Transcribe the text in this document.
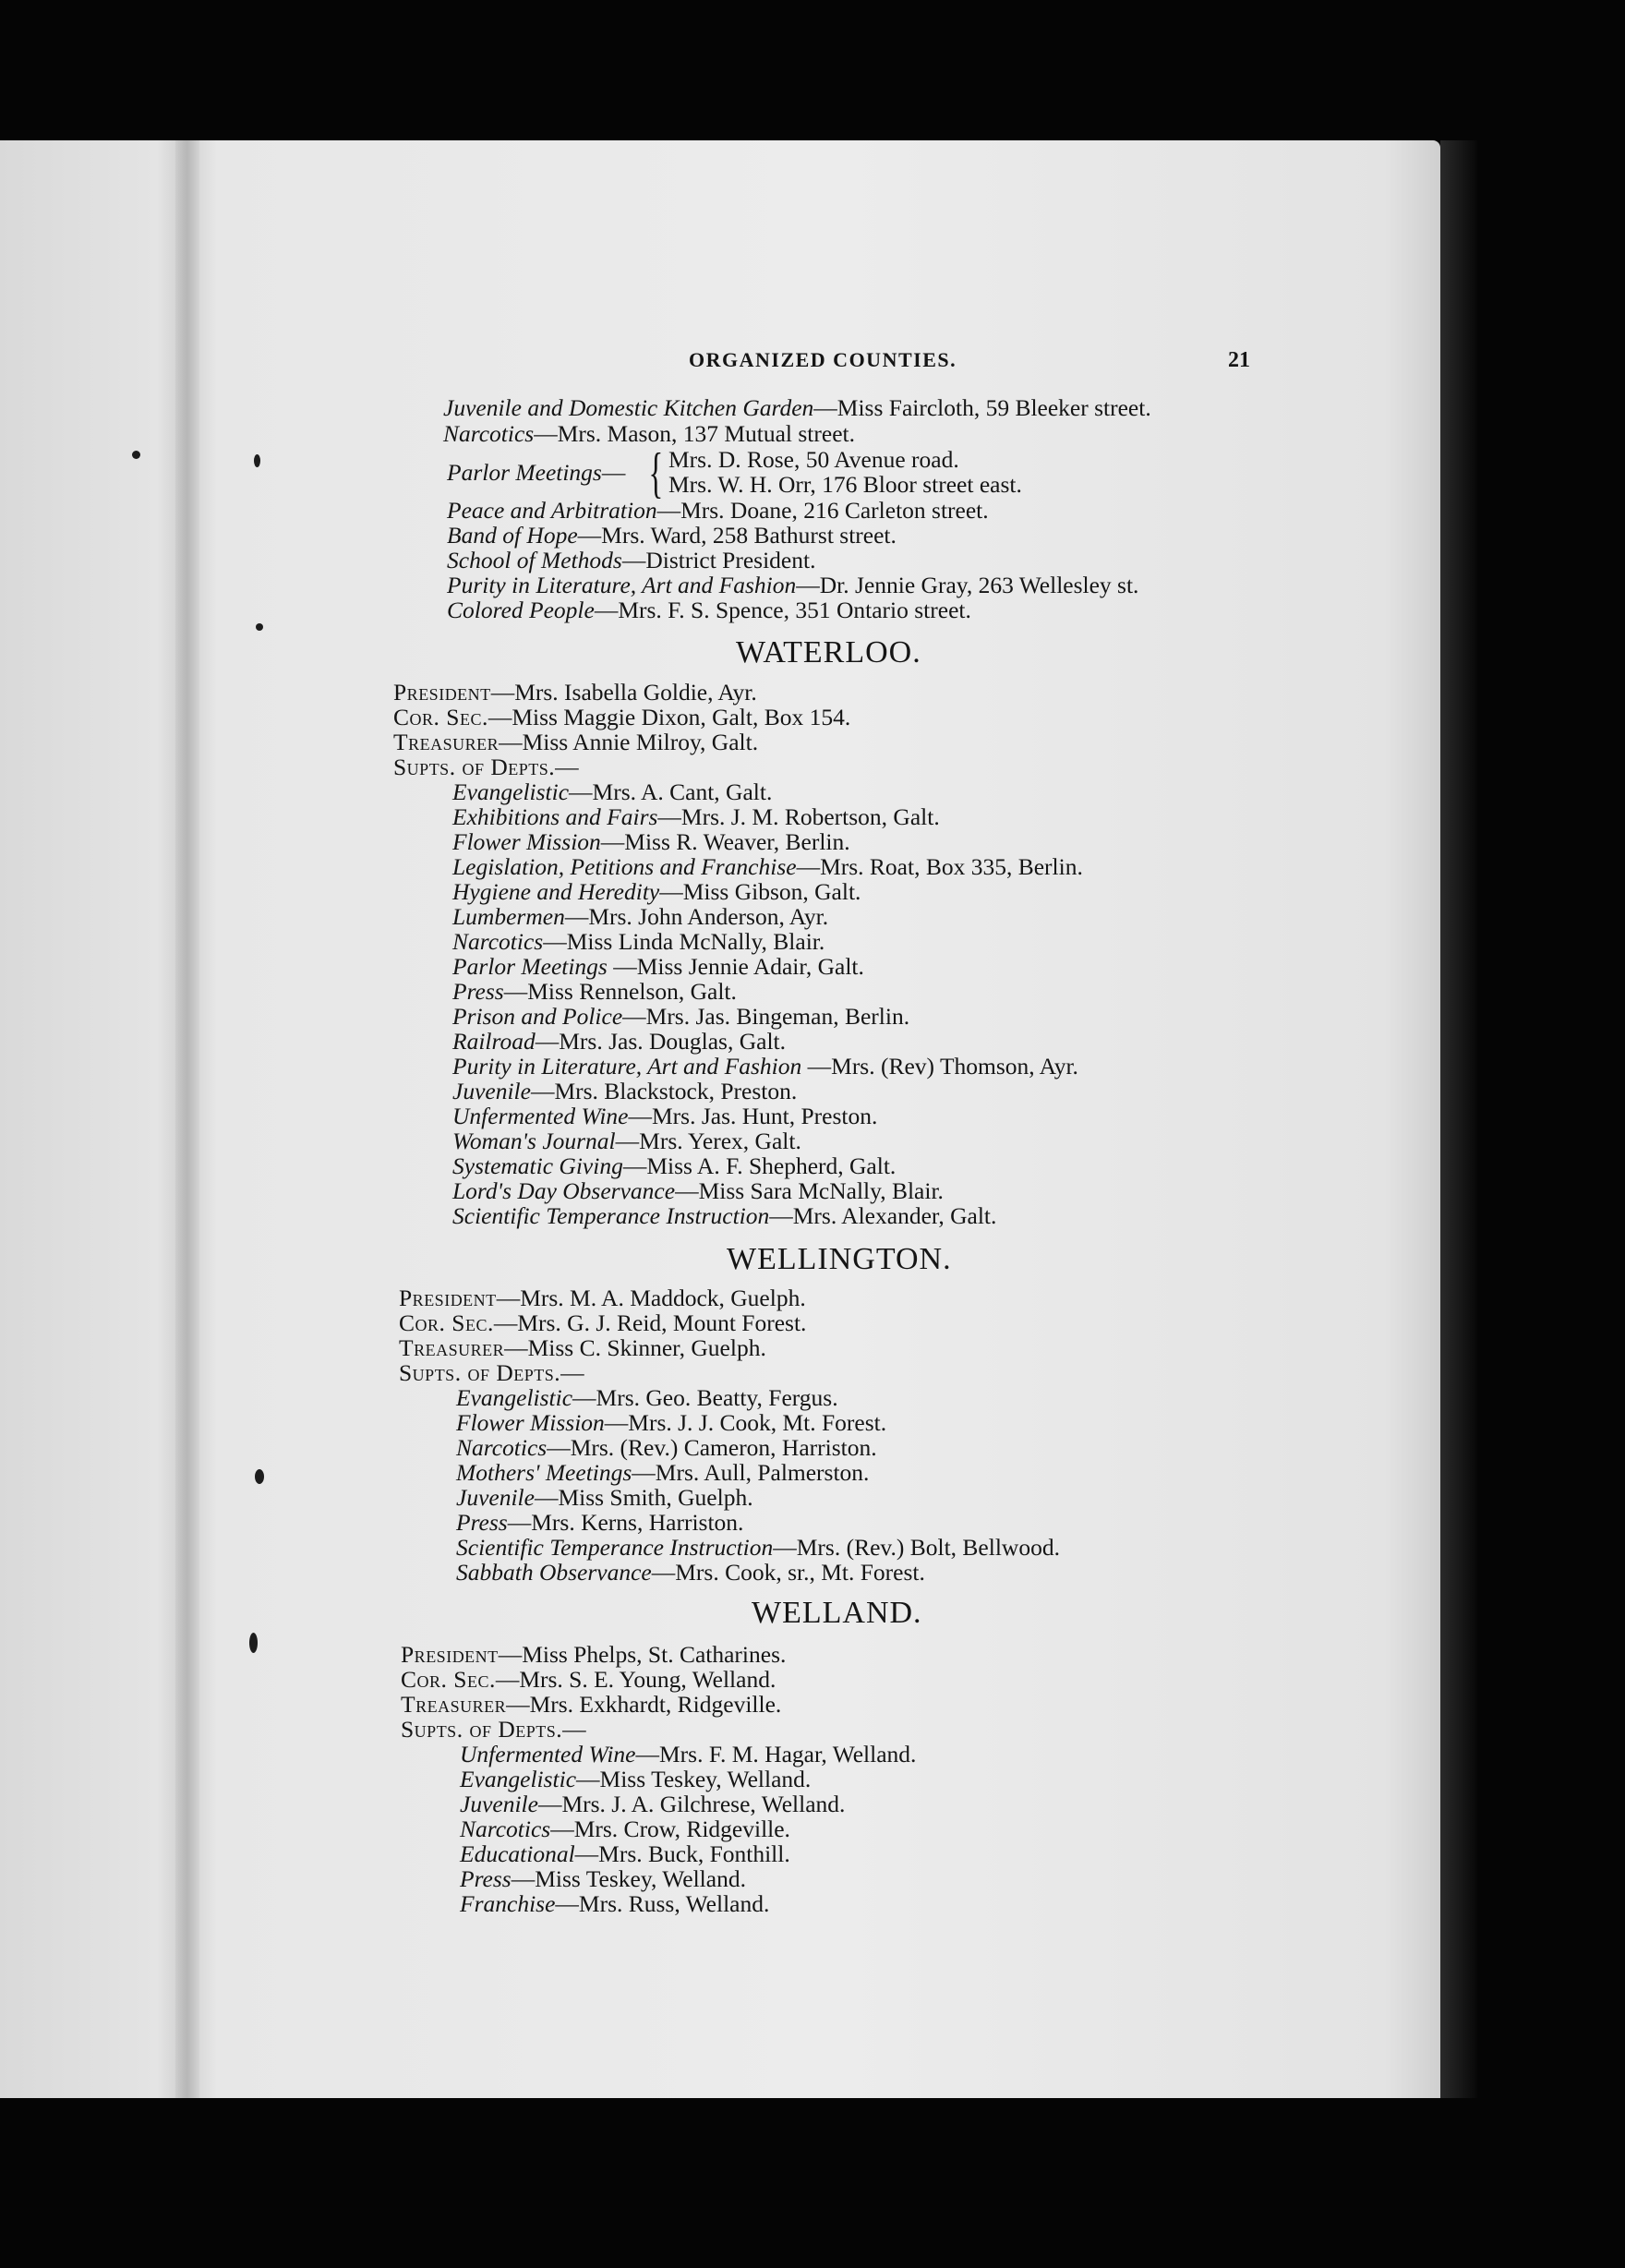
ORGANIZED COUNTIES.	21
Juvenile and Domestic Kitchen Garden—Miss Faircloth, 59 Bleeker street.
Narcotics—Mrs. Mason, 137 Mutual street.
Parlor Meetings— { Mrs. D. Rose, 50 Avenue road.
Mrs. W. H. Orr, 176 Bloor street east.
Peace and Arbitration—Mrs. Doane, 216 Carleton street.
Band of Hope—Mrs. Ward, 258 Bathurst street.
School of Methods—District President.
Purity in Literature, Art and Fashion—Dr. Jennie Gray, 263 Wellesley st.
Colored People—Mrs. F. S. Spence, 351 Ontario street.
WATERLOO.
President—Mrs. Isabella Goldie, Ayr.
Cor. Sec.—Miss Maggie Dixon, Galt, Box 154.
Treasurer—Miss Annie Milroy, Galt.
Supts. of Depts.—
Evangelistic—Mrs. A. Cant, Galt.
Exhibitions and Fairs—Mrs. J. M. Robertson, Galt.
Flower Mission—Miss R. Weaver, Berlin.
Legislation, Petitions and Franchise—Mrs. Roat, Box 335, Berlin.
Hygiene and Heredity—Miss Gibson, Galt.
Lumbermen—Mrs. John Anderson, Ayr.
Narcotics—Miss Linda McNally, Blair.
Parlor Meetings —Miss Jennie Adair, Galt.
Press—Miss Rennelson, Galt.
Prison and Police—Mrs. Jas. Bingeman, Berlin.
Railroad—Mrs. Jas. Douglas, Galt.
Purity in Literature, Art and Fashion —Mrs. (Rev) Thomson, Ayr.
Juvenile—Mrs. Blackstock, Preston.
Unfermented Wine—Mrs. Jas. Hunt, Preston.
Woman's Journal—Mrs. Yerex, Galt.
Systematic Giving—Miss A. F. Shepherd, Galt.
Lord's Day Observance—Miss Sara McNally, Blair.
Scientific Temperance Instruction—Mrs. Alexander, Galt.
WELLINGTON.
President—Mrs. M. A. Maddock, Guelph.
Cor. Sec.—Mrs. G. J. Reid, Mount Forest.
Treasurer—Miss C. Skinner, Guelph.
Supts. of Depts.—
Evangelistic—Mrs. Geo. Beatty, Fergus.
Flower Mission—Mrs. J. J. Cook, Mt. Forest.
Narcotics—Mrs. (Rev.) Cameron, Harriston.
Mothers' Meetings—Mrs. Aull, Palmerston.
Juvenile—Miss Smith, Guelph.
Press—Mrs. Kerns, Harriston.
Scientific Temperance Instruction—Mrs. (Rev.) Bolt, Bellwood.
Sabbath Observance—Mrs. Cook, sr., Mt. Forest.
WELLAND.
President—Miss Phelps, St. Catharines.
Cor. Sec.—Mrs. S. E. Young, Welland.
Treasurer—Mrs. Exkhardt, Ridgeville.
Supts. of Depts.—
Unfermented Wine—Mrs. F. M. Hagar, Welland.
Evangelistic—Miss Teskey, Welland.
Juvenile—Mrs. J. A. Gilchrese, Welland.
Narcotics—Mrs. Crow, Ridgeville.
Educational—Mrs. Buck, Fonthill.
Press—Miss Teskey, Welland.
Franchise—Mrs. Russ, Welland.
